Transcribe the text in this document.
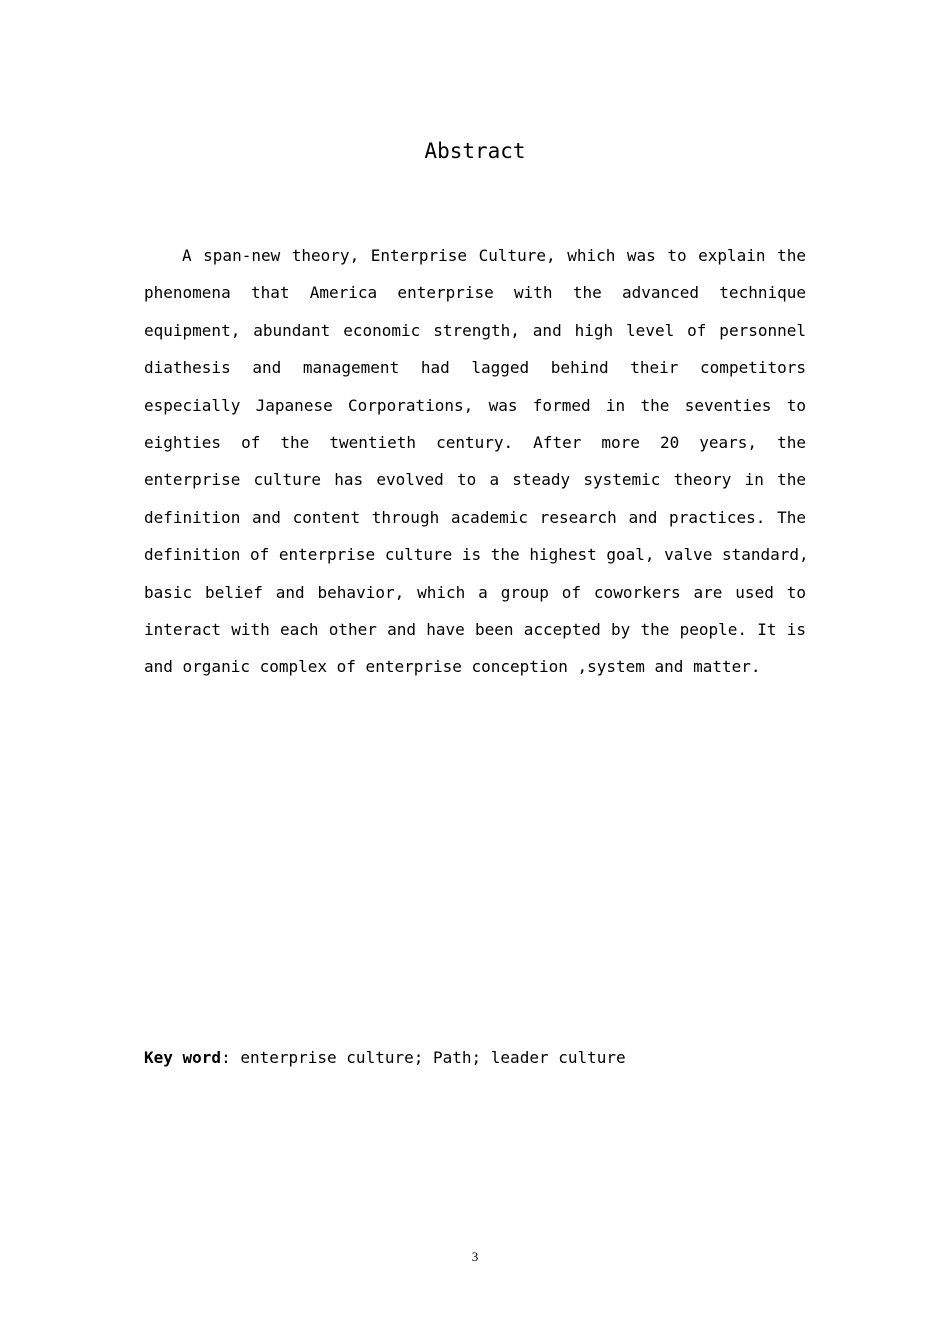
Abstract
A span-new theory, Enterprise Culture, which was to explain the
phenomena that America enterprise with the advanced technique
equipment, abundant economic strength, and high level of personnel
diathesis and management had lagged behind their competitors
especially Japanese Corporations, was formed in the seventies to
eighties of the twentieth century. After more 20 years, the
enterprise culture has evolved to a steady systemic theory in the
definition and content through academic research and practices. The
definition of enterprise culture is the highest goal, valve standard,
basic belief and behavior, which a group of coworkers are used to
interact with each other and have been accepted by the people. It is
and organic complex of enterprise conception ,system and matter.
Key word: enterprise culture; Path; leader culture
3
